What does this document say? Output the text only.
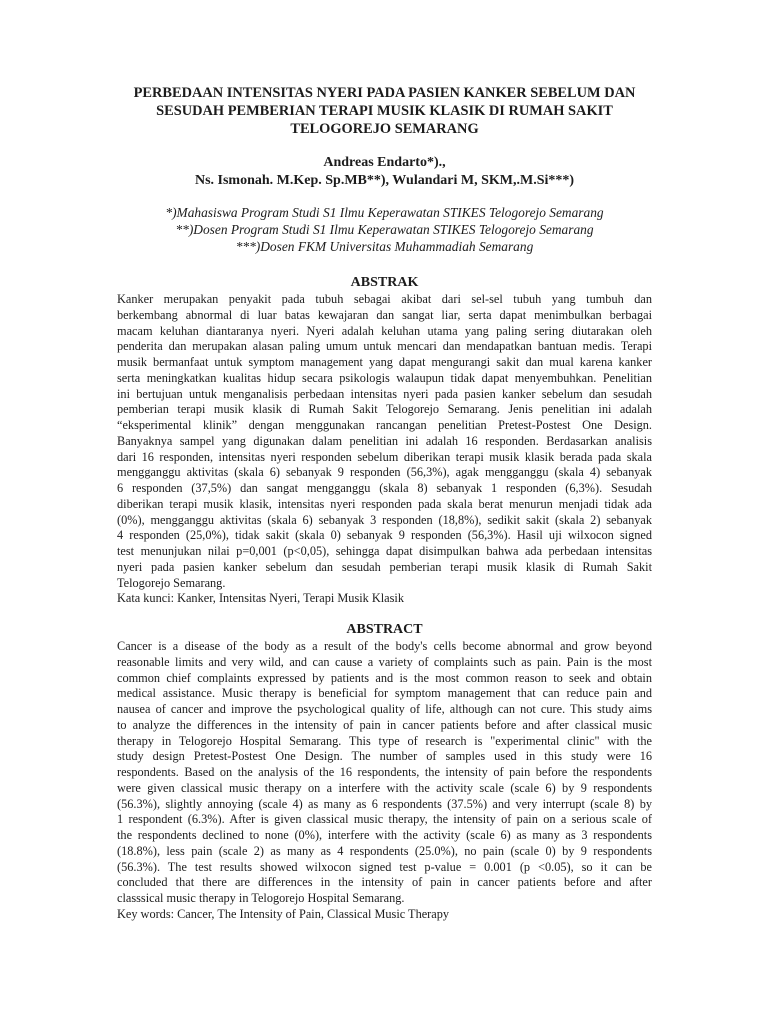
PERBEDAAN INTENSITAS NYERI PADA PASIEN KANKER SEBELUM DAN
SESUDAH PEMBERIAN TERAPI MUSIK KLASIK DI RUMAH SAKIT
TELOGOREJO SEMARANG
Andreas Endarto*).,
Ns. Ismonah. M.Kep. Sp.MB**), Wulandari M, SKM,.M.Si***)
*)Mahasiswa Program Studi S1 Ilmu Keperawatan STIKES Telogorejo Semarang
**)Dosen Program Studi S1 Ilmu Keperawatan STIKES Telogorejo Semarang
***)Dosen FKM Universitas Muhammadiah Semarang
ABSTRAK
Kanker merupakan penyakit pada tubuh sebagai akibat dari sel-sel tubuh yang tumbuh dan
berkembang abnormal di luar batas kewajaran dan sangat liar, serta dapat menimbulkan berbagai
macam keluhan diantaranya nyeri. Nyeri adalah keluhan utama yang paling sering diutarakan oleh
penderita dan merupakan alasan paling umum untuk mencari dan mendapatkan bantuan medis. Terapi
musik bermanfaat untuk symptom management yang dapat mengurangi sakit dan mual karena kanker
serta meningkatkan kualitas hidup secara psikologis walaupun tidak dapat menyembuhkan. Penelitian
ini bertujuan untuk menganalisis perbedaan intensitas nyeri pada pasien kanker sebelum dan sesudah
pemberian terapi musik klasik di Rumah Sakit Telogorejo Semarang. Jenis penelitian ini adalah
“eksperimental klinik” dengan menggunakan rancangan penelitian Pretest-Postest One Design.
Banyaknya sampel yang digunakan dalam penelitian ini adalah 16 responden. Berdasarkan analisis
dari 16 responden, intensitas nyeri responden sebelum diberikan terapi musik klasik berada pada skala
mengganggu aktivitas (skala 6) sebanyak 9 responden (56,3%), agak mengganggu (skala 4) sebanyak
6 responden (37,5%) dan sangat mengganggu (skala 8) sebanyak 1 responden (6,3%). Sesudah
diberikan terapi musik klasik, intensitas nyeri responden pada skala berat menurun menjadi tidak ada
(0%), mengganggu aktivitas (skala 6) sebanyak 3 responden (18,8%), sedikit sakit (skala 2) sebanyak
4 responden (25,0%), tidak sakit (skala 0) sebanyak 9 responden (56,3%). Hasil uji wilxocon signed
test menunjukan nilai p=0,001 (p<0,05), sehingga dapat disimpulkan bahwa ada perbedaan intensitas
nyeri pada pasien kanker sebelum dan sesudah pemberian terapi musik klasik di Rumah Sakit
Telogorejo Semarang.

Kata kunci: Kanker, Intensitas Nyeri, Terapi Musik Klasik

ABSTRACT
Cancer is a disease of the body as a result of the body's cells become abnormal and grow beyond
reasonable limits and very wild, and can cause a variety of complaints such as pain. Pain is the most
common chief complaints expressed by patients and is the most common reason to seek and obtain
medical assistance. Music therapy is beneficial for symptom management that can reduce pain and
nausea of cancer and improve the psychological quality of life, although can not cure. This study aims
to analyze the differences in the intensity of pain in cancer patients before and after classical music
therapy in Telogorejo Hospital Semarang. This type of research is "experimental clinic" with the
study design Pretest-Postest One Design. The number of samples used in this study were 16
respondents. Based on the analysis of the 16 respondents, the intensity of pain before the respondents
were given classical music therapy on a interfere with the activity scale (scale 6) by 9 respondents
(56.3%), slightly annoying (scale 4) as many as 6 respondents (37.5%) and very interrupt (scale 8) by
1 respondent (6.3%). After is given classical music therapy, the intensity of pain on a serious scale of
the respondents declined to none (0%), interfere with the activity (scale 6) as many as 3 respondents
(18.8%), less pain (scale 2) as many as 4 respondents (25.0%), no pain (scale 0) by 9 respondents
(56.3%). The test results showed wilxocon signed test p-value = 0.001 (p <0.05), so it can be
concluded that there are differences in the intensity of pain in cancer patients before and after
classsical music therapy in Telogorejo Hospital Semarang.

Key words: Cancer, The Intensity of Pain, Classical Music Therapy
